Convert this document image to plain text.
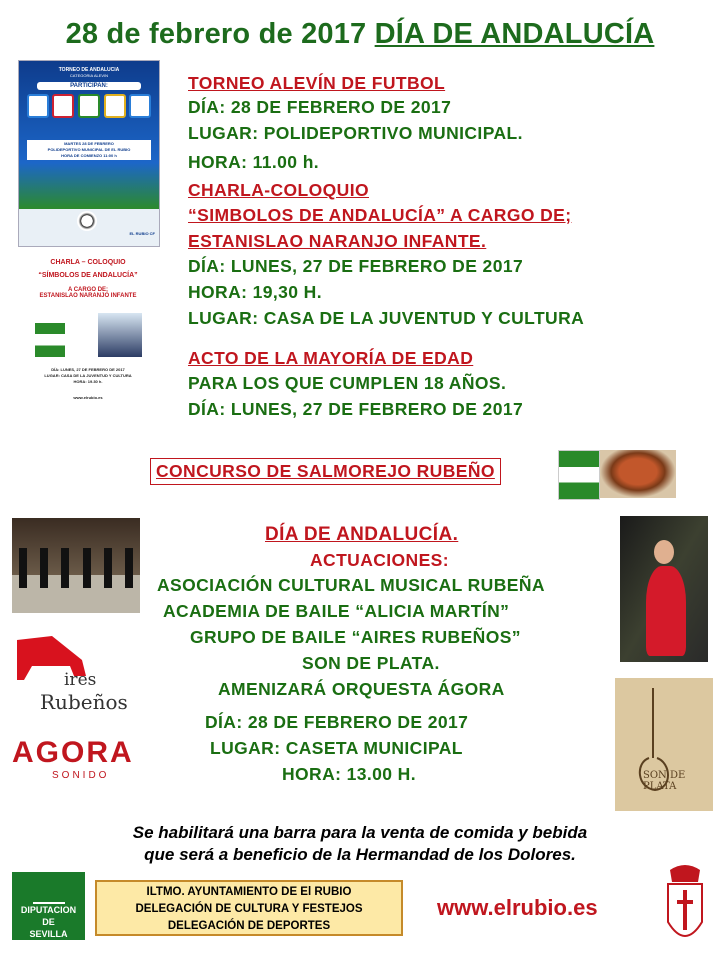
28 de febrero de 2017 DÍA DE ANDALUCÍA
TORNEO DE ANDALUCIA
CATEGORIA ALEVIN
PARTICIPAN:
MARTES 28 DE FEBRERO
POLIDEPORTIVO MUNICIPAL DE EL RUBIO
HORA DE COMIENZO 11:00 h
EL RUBIO CF
CHARLA – COLOQUIO
“SÍMBOLOS DE ANDALUCÍA”
A CARGO DE;
ESTANISLAO NARANJO INFANTE
DÍA: LUNES, 27 DE FEBRERO DE 2017
LUGAR: CASA DE LA JUVENTUD Y CULTURA
HORA: 19.30 h.
www.elrubio.es
TORNEO ALEVÍN DE FUTBOL
DÍA: 28 DE FEBRERO DE 2017
LUGAR: POLIDEPORTIVO MUNICIPAL.
HORA: 11.00 h.
CHARLA-COLOQUIO
“SIMBOLOS DE ANDALUCÍA” A CARGO DE;
ESTANISLAO NARANJO INFANTE.
DÍA: LUNES, 27 DE FEBRERO DE 2017
HORA: 19,30 H.
LUGAR: CASA DE LA JUVENTUD Y CULTURA
ACTO DE LA MAYORÍA DE EDAD
PARA LOS QUE CUMPLEN 18 AÑOS.
DÍA: LUNES, 27 DE FEBRERO DE 2017
CONCURSO DE SALMOREJO RUBEÑO
DÍA DE ANDALUCÍA.
ACTUACIONES:
ASOCIACIÓN CULTURAL MUSICAL RUBEÑA
ACADEMIA DE BAILE “ALICIA MARTÍN”
GRUPO DE BAILE “AIRES RUBEÑOS”
SON DE PLATA.
AMENIZARÁ ORQUESTA ÁGORA
DÍA: 28 DE FEBRERO DE 2017
LUGAR: CASETA MUNICIPAL
HORA: 13.00 H.
ires
Rubeños
AGORA
SONIDO	SON DE PLATA
Se habilitará una barra para la venta de comida y bebida
que será a beneficio de la Hermandad de los Dolores.
DIPUTACION
DE
SEVILLA
ILTMO. AYUNTAMIENTO DE El RUBIO
DELEGACIÓN DE CULTURA Y FESTEJOS
DELEGACIÓN DE DEPORTES
www.elrubio.es
